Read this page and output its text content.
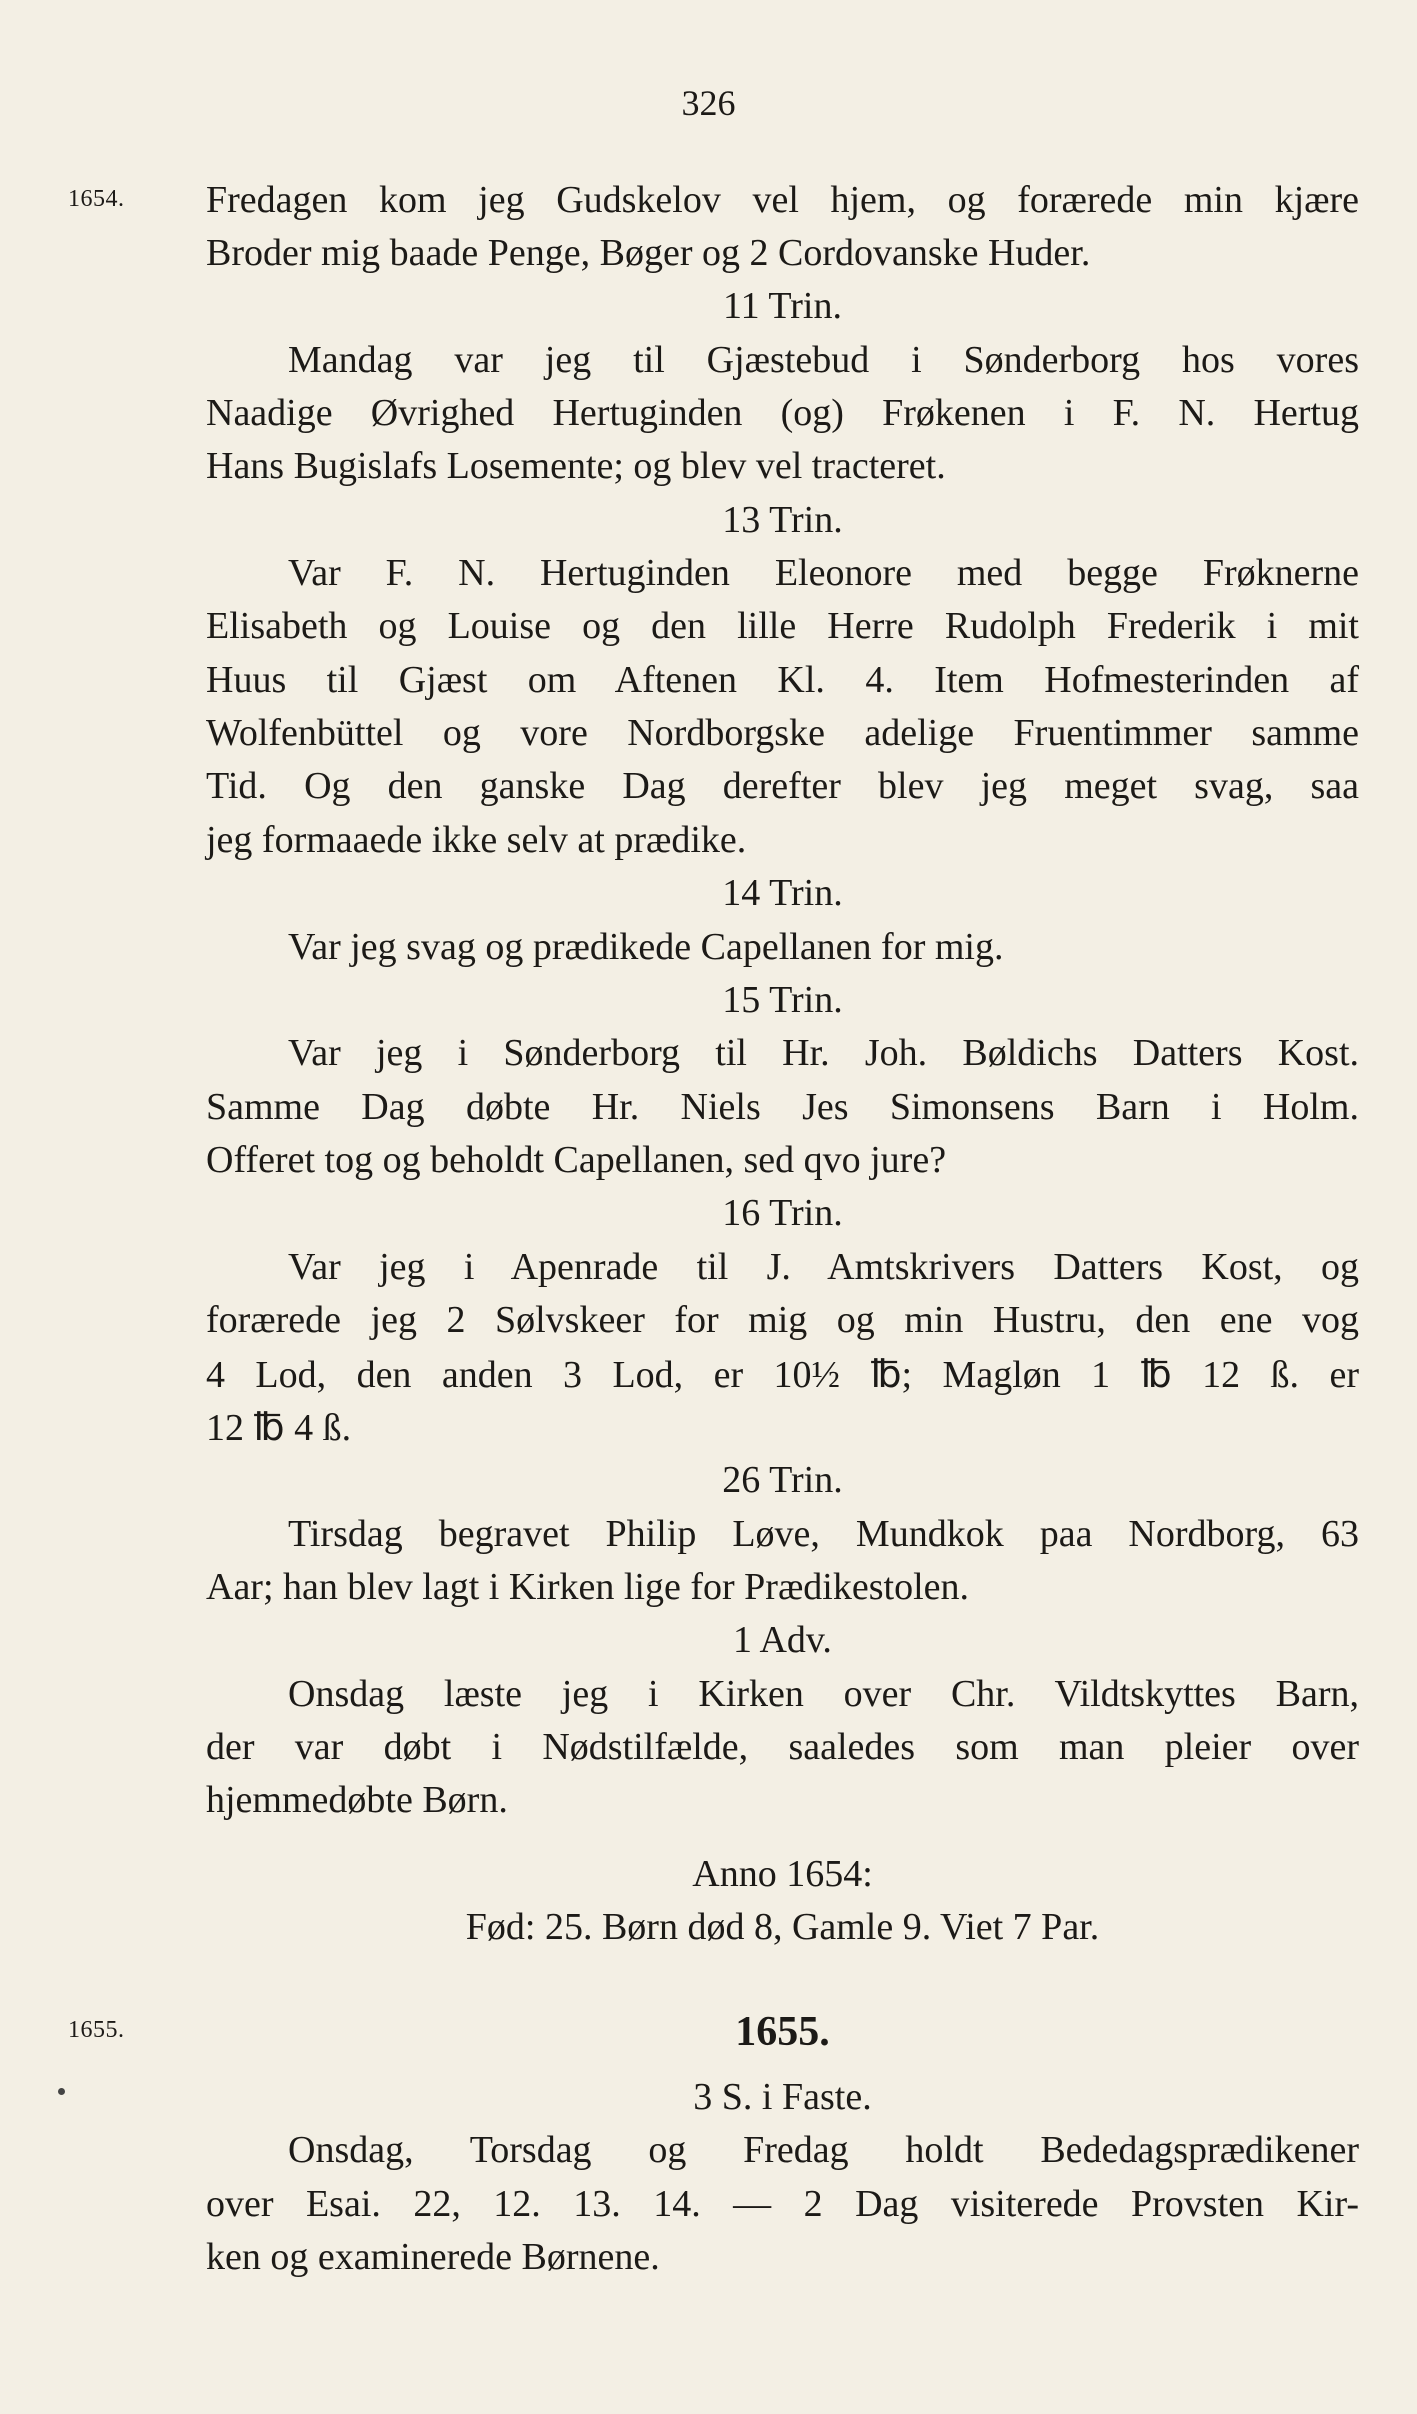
326
1654.
1655.
Fredagen kom jeg Gudskelov vel hjem, og forærede min kjære
Broder mig baade Penge, Bøger og 2 Cordovanske Huder.
11 Trin.
Mandag var jeg til Gjæstebud i Sønderborg hos vores
Naadige Øvrighed Hertuginden (og) Frøkenen i F. N. Hertug
Hans Bugislafs Losemente; og blev vel tracteret.
13 Trin.
Var F. N. Hertuginden Eleonore med begge Frøknerne
Elisabeth og Louise og den lille Herre Rudolph Frederik i mit
Huus til Gjæst om Aftenen Kl. 4. Item Hofmesterinden af
Wolfenbüttel og vore Nordborgske adelige Fruentimmer samme
Tid. Og den ganske Dag derefter blev jeg meget svag, saa
jeg formaaede ikke selv at prædike.
14 Trin.
Var jeg svag og prædikede Capellanen for mig.
15 Trin.
Var jeg i Sønderborg til Hr. Joh. Bøldichs Datters Kost.
Samme Dag døbte Hr. Niels Jes Simonsens Barn i Holm.
Offeret tog og beholdt Capellanen, sed qvo jure?
16 Trin.
Var jeg i Apenrade til J. Amtskrivers Datters Kost, og
forærede jeg 2 Sølvskeer for mig og min Hustru, den ene vog
4 Lod, den anden 3 Lod, er 10½ ℔; Magløn 1 ℔ 12 ß. er
12 ℔ 4 ß.
26 Trin.
Tirsdag begravet Philip Løve, Mundkok paa Nordborg, 63
Aar; han blev lagt i Kirken lige for Prædikestolen.
1 Adv.
Onsdag læste jeg i Kirken over Chr. Vildtskyttes Barn,
der var døbt i Nødstilfælde, saaledes som man pleier over
hjemmedøbte Børn.
Anno 1654:
Fød: 25. Børn død 8, Gamle 9. Viet 7 Par.
1655.
3 S. i Faste.
Onsdag, Torsdag og Fredag holdt Bededagsprædikener
over Esai. 22, 12. 13. 14. — 2 Dag visiterede Provsten Kir-
ken og examinerede Børnene.
